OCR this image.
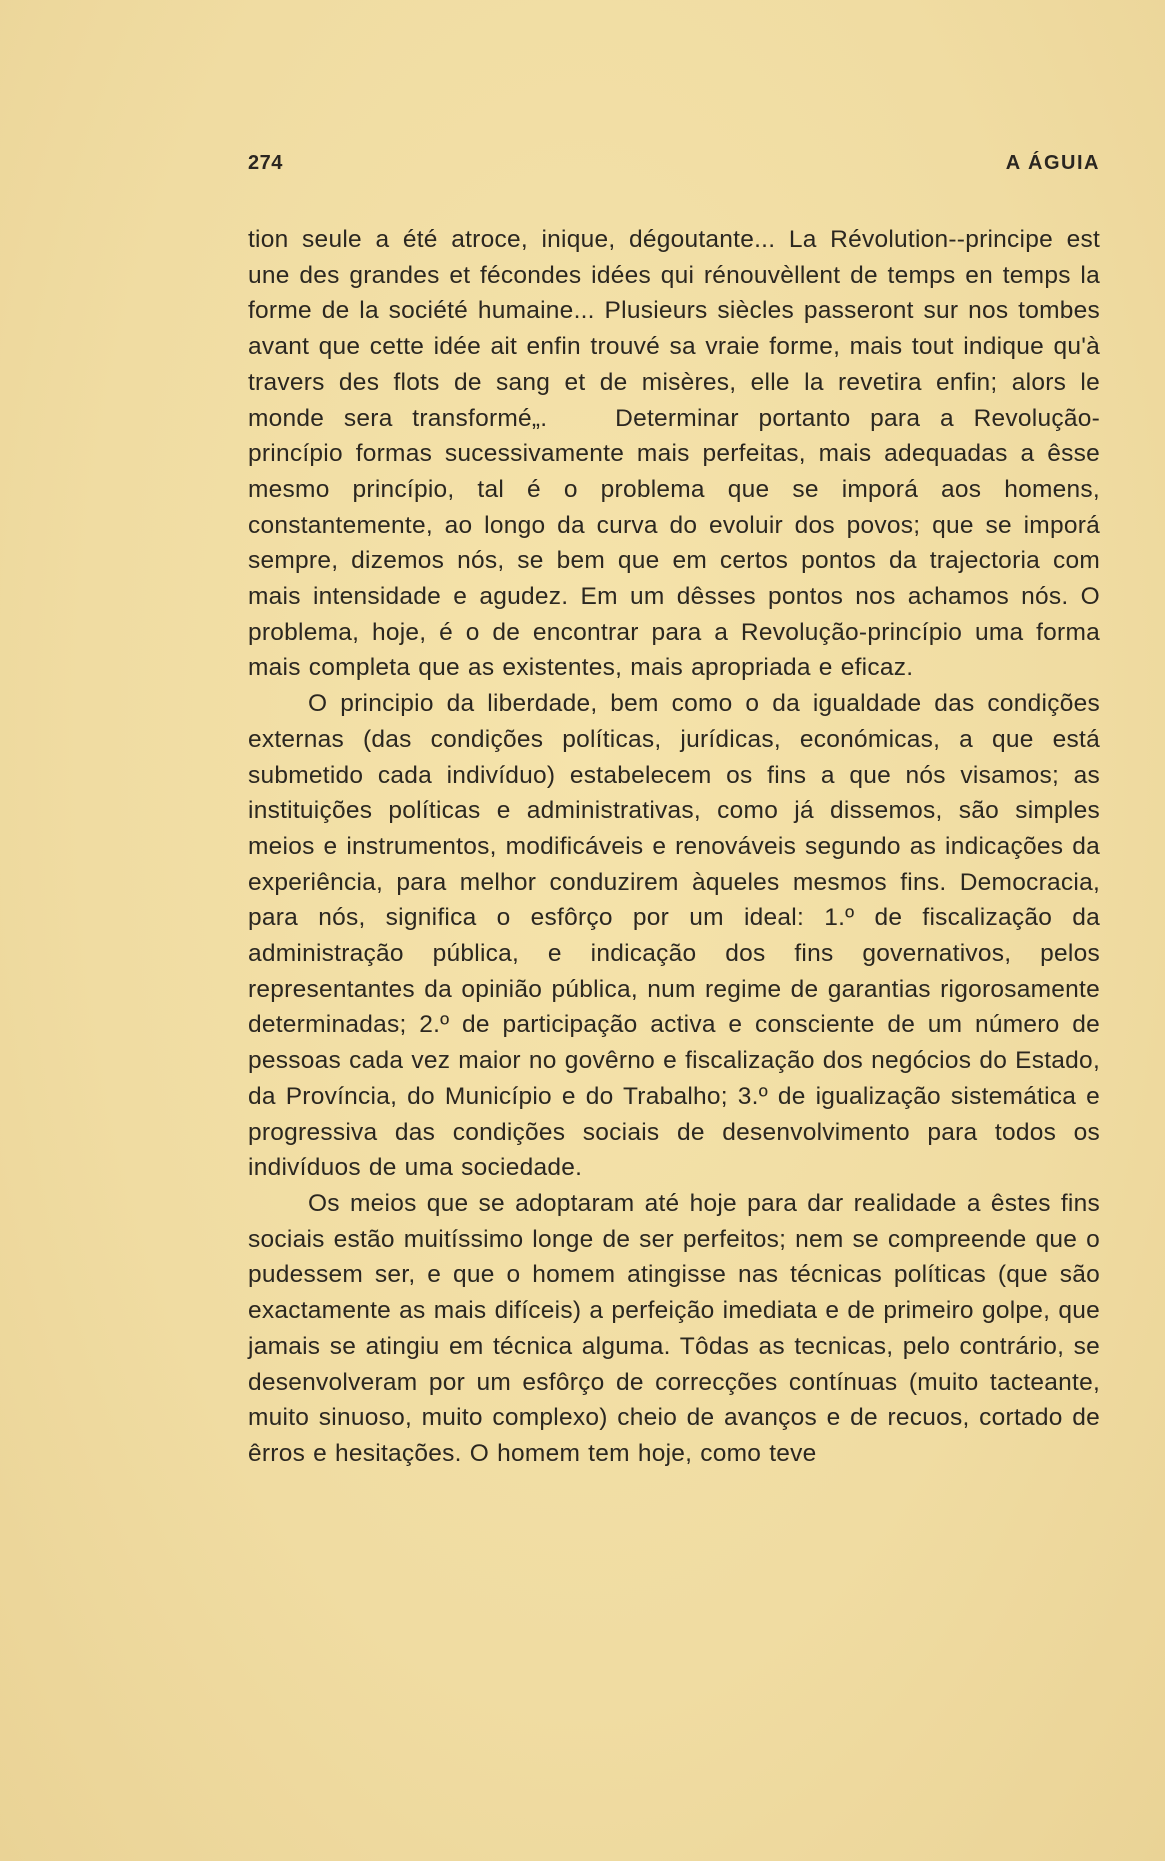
274	A ÁGUIA

tion seule a été atroce, inique, dégoutante... La Révolution--principe est une des grandes et fécondes idées qui rénouvèllent de temps en temps la forme de la société humaine... Plusieurs siècles passeront sur nos tombes avant que cette idée ait enfin trouvé sa vraie forme, mais tout indique qu'à travers des flots de sang et de misères, elle la revetira enfin; alors le monde sera transformé„.

	Determinar portanto para a Revolução-princípio formas sucessivamente mais perfeitas, mais adequadas a êsse mesmo princípio, tal é o problema que se imporá aos homens, constantemente, ao longo da curva do evoluir dos povos; que se imporá sempre, dizemos nós, se bem que em certos pontos da trajectoria com mais intensidade e agudez. Em um dêsses pontos nos achamos nós. O problema, hoje, é o de encontrar para a Revolução-princípio uma forma mais completa que as existentes, mais apropriada e eficaz.

O principio da liberdade, bem como o da igualdade das condições externas (das condições políticas, jurídicas, económicas, a que está submetido cada indivíduo) estabelecem os fins a que nós visamos; as instituições políticas e administrativas, como já dissemos, são simples meios e instrumentos, modificáveis e renováveis segundo as indicações da experiência, para melhor conduzirem àqueles mesmos fins. Democracia, para nós, significa o esfôrço por um ideal: 1.º de fiscalização da administração pública, e indicação dos fins governativos, pelos representantes da opinião pública, num regime de garantias rigorosamente determinadas; 2.º de participação activa e consciente de um número de pessoas cada vez maior no govêrno e fiscalização dos negócios do Estado, da Província, do Município e do Trabalho; 3.º de igualização sistemática e progressiva das condições sociais de desenvolvimento para todos os indivíduos de uma sociedade.

Os meios que se adoptaram até hoje para dar realidade a êstes fins sociais estão muitíssimo longe de ser perfeitos; nem se compreende que o pudessem ser, e que o homem atingisse nas técnicas políticas (que são exactamente as mais difíceis) a perfeição imediata e de primeiro golpe, que jamais se atingiu em técnica alguma. Tôdas as tecnicas, pelo contrário, se desenvolveram por um esfôrço de correcções contínuas (muito tacteante, muito sinuoso, muito complexo) cheio de avanços e de recuos, cortado de êrros e hesitações. O homem tem hoje, como teve
